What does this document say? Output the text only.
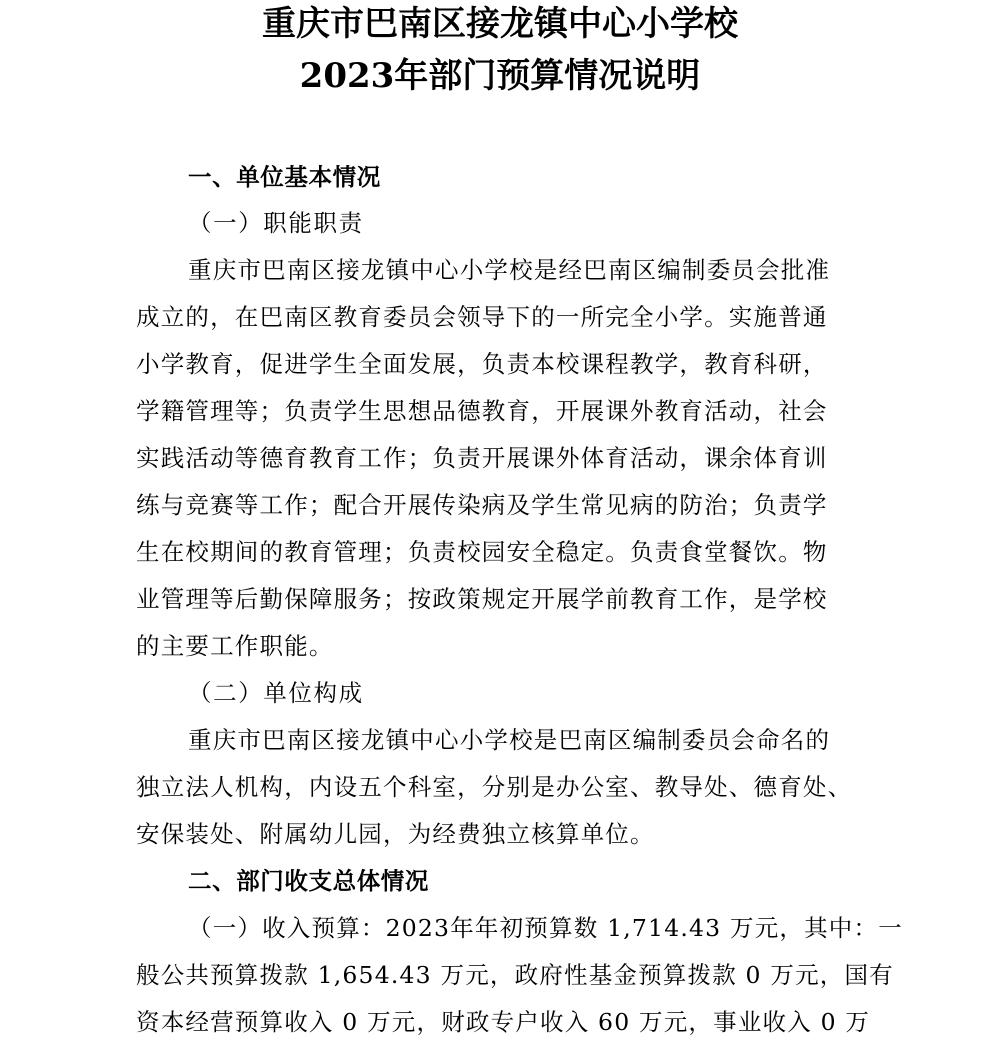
重庆市巴南区接龙镇中心小学校
2023年部门预算情况说明

一、单位基本情况

（一）职能职责

重庆市巴南区接龙镇中心小学校是经巴南区编制委员会批准

成立的，在巴南区教育委员会领导下的一所完全小学。实施普通

小学教育，促进学生全面发展，负责本校课程教学，教育科研，

学籍管理等；负责学生思想品德教育，开展课外教育活动，社会

实践活动等德育教育工作；负责开展课外体育活动，课余体育训

练与竞赛等工作；配合开展传染病及学生常见病的防治；负责学

生在校期间的教育管理；负责校园安全稳定。负责食堂餐饮。物

业管理等后勤保障服务；按政策规定开展学前教育工作，是学校

的主要工作职能。

（二）单位构成

重庆市巴南区接龙镇中心小学校是巴南区编制委员会命名的

独立法人机构，内设五个科室，分别是办公室、教导处、德育处、

安保装处、附属幼儿园，为经费独立核算单位。

二、部门收支总体情况

（一）收入预算：2023年年初预算数 1,714.43 万元，其中：一

般公共预算拨款 1,654.43 万元，政府性基金预算拨款 0 万元，国有

资本经营预算收入 0 万元，财政专户收入 60 万元，事业收入 0 万
